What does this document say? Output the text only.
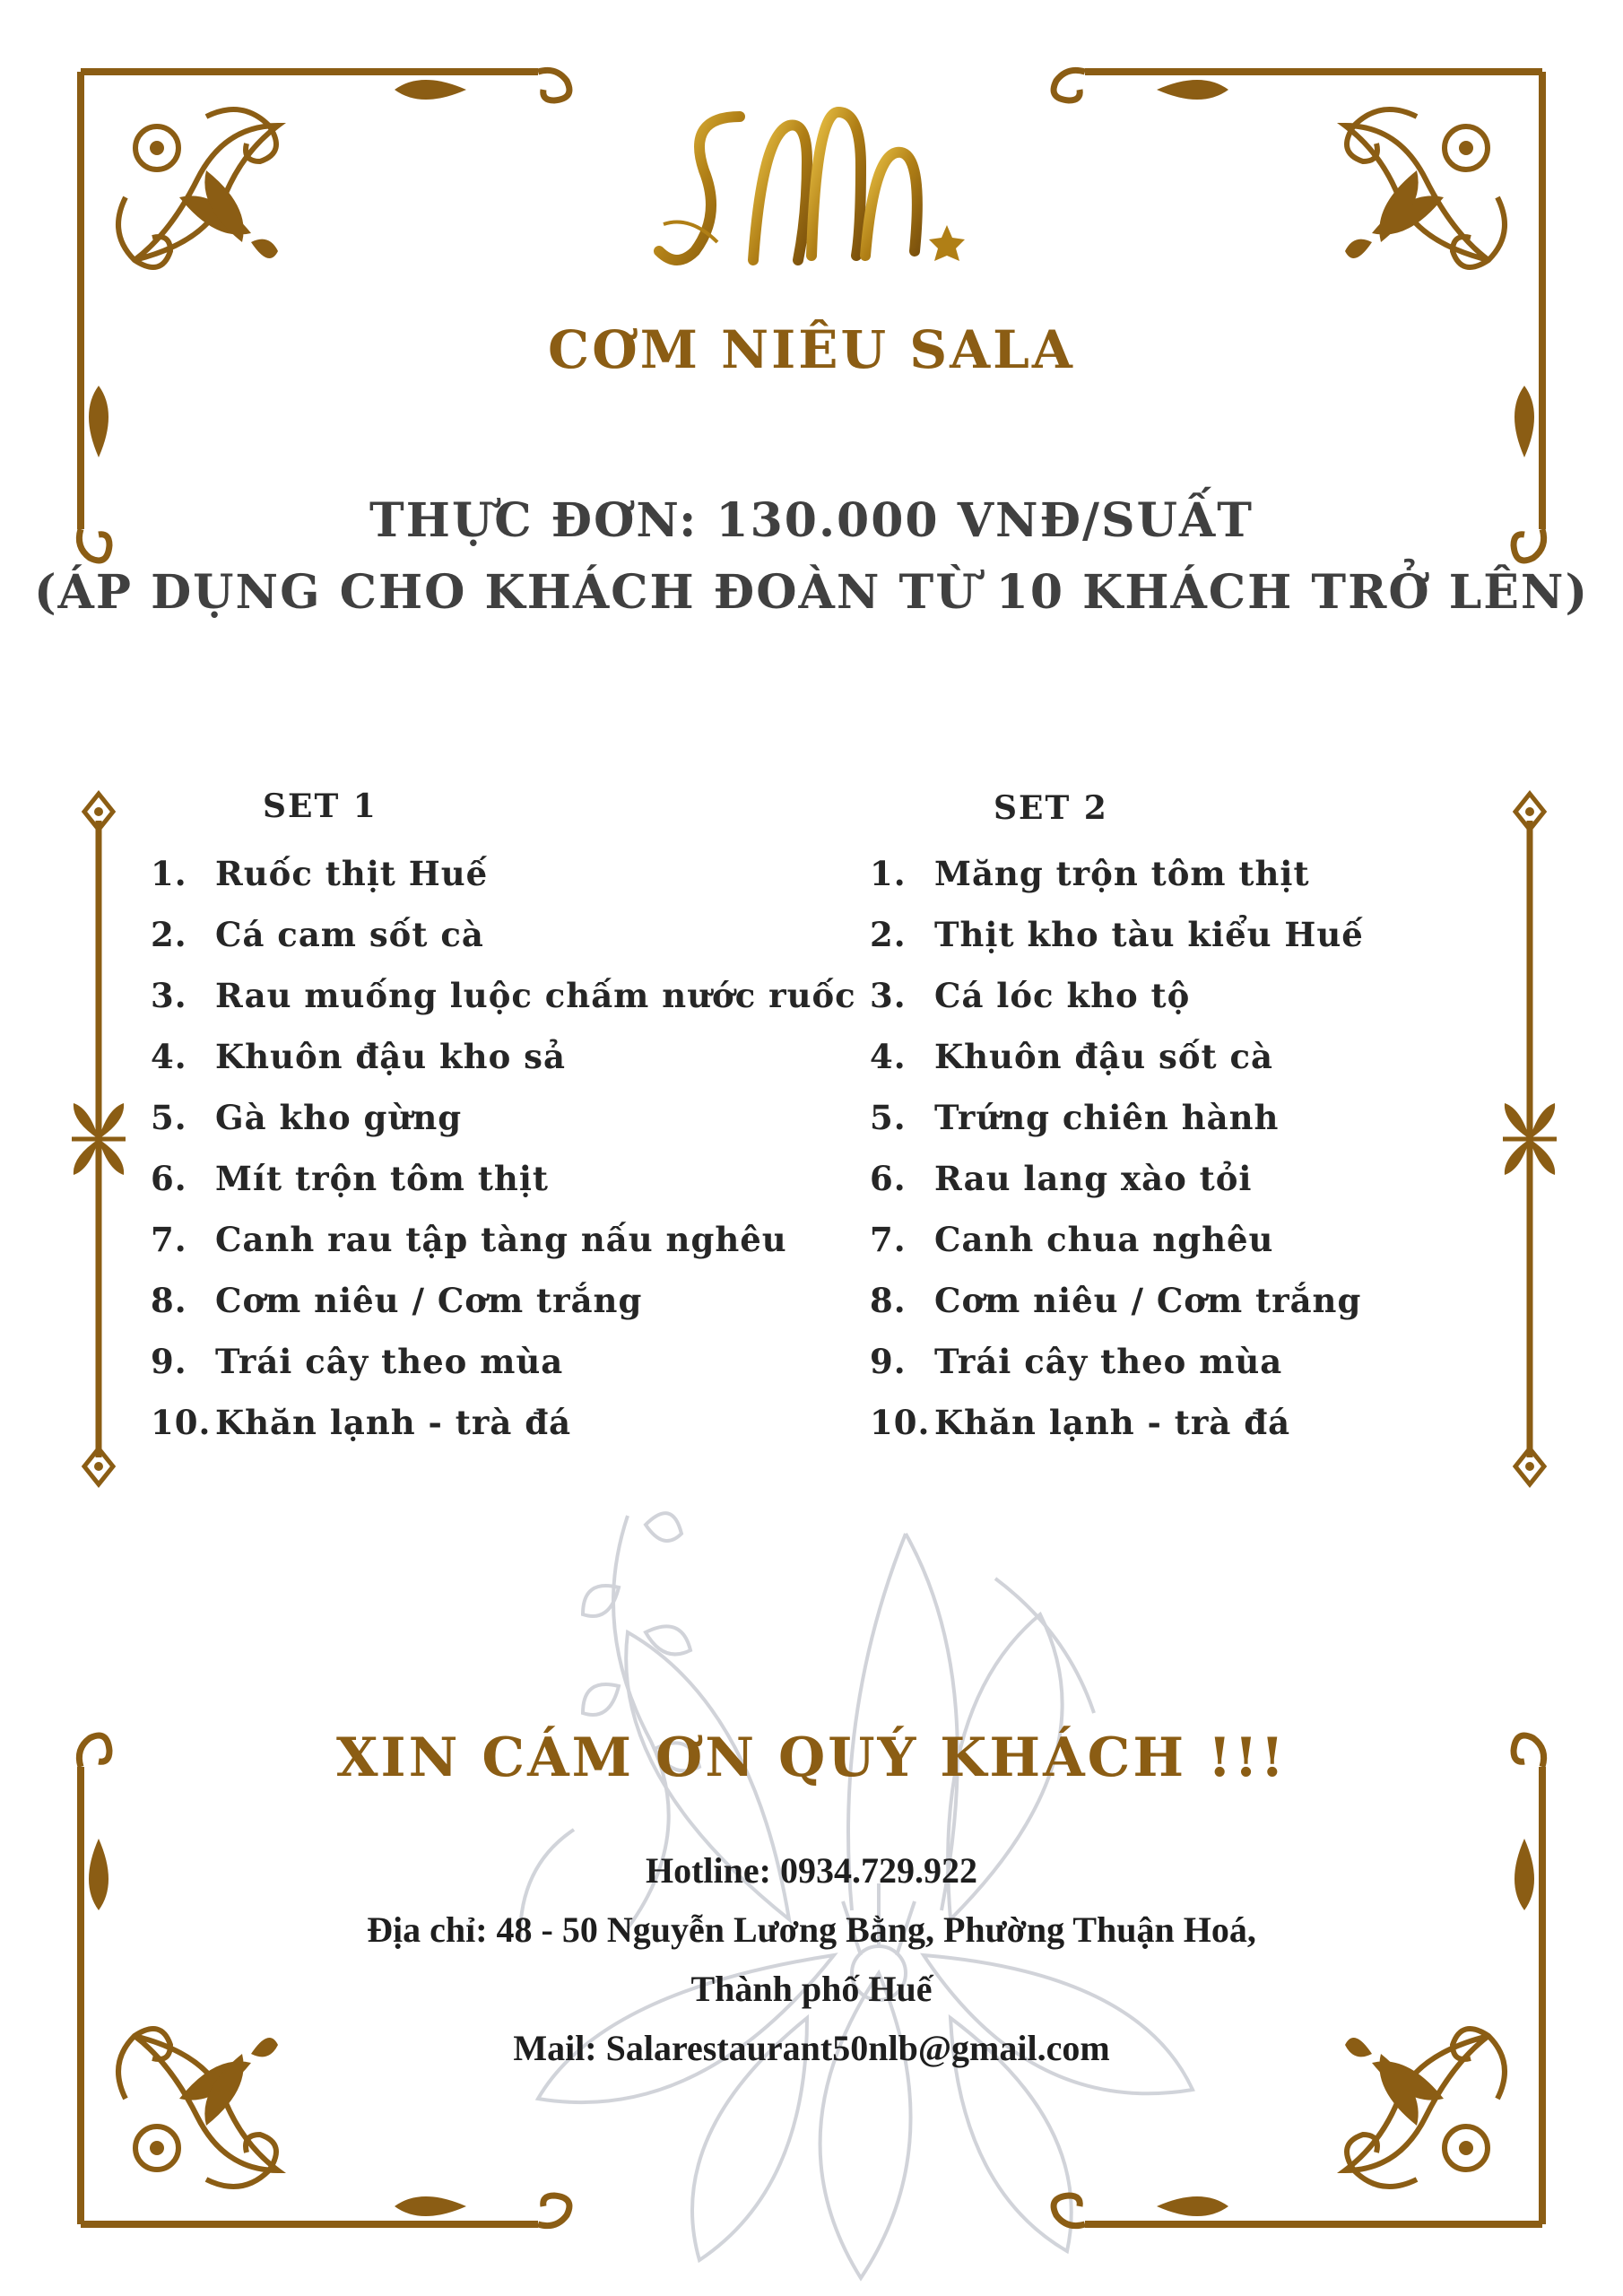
CƠM NIÊU SALA
THỰC ĐƠN: 130.000 VNĐ/SUẤT
(ÁP DỤNG CHO KHÁCH ĐOÀN TỪ 10 KHÁCH TRỞ LÊN)
SET 1
1. Ruốc thịt Huế
2. Cá cam sốt cà
3. Rau muống luộc chấm nước ruốc
4. Khuôn đậu kho sả
5. Gà kho gừng
6. Mít trộn tôm thịt
7. Canh rau tập tàng nấu nghêu
8. Cơm niêu / Cơm trắng
9. Trái cây theo mùa
10. Khăn lạnh - trà đá
SET 2
1. Măng trộn tôm thịt
2. Thịt kho tàu kiểu Huế
3. Cá lóc kho tộ
4. Khuôn đậu sốt cà
5. Trứng chiên hành
6. Rau lang xào tỏi
7. Canh chua nghêu
8. Cơm niêu / Cơm trắng
9. Trái cây theo mùa
10. Khăn lạnh - trà đá
XIN CÁM ƠN QUÝ KHÁCH !!!
Hotline: 0934.729.922
Địa chỉ: 48 - 50 Nguyễn Lương Bằng, Phường Thuận Hoá,
Thành phố Huế
Mail: Salarestaurant50nlb@gmail.com
